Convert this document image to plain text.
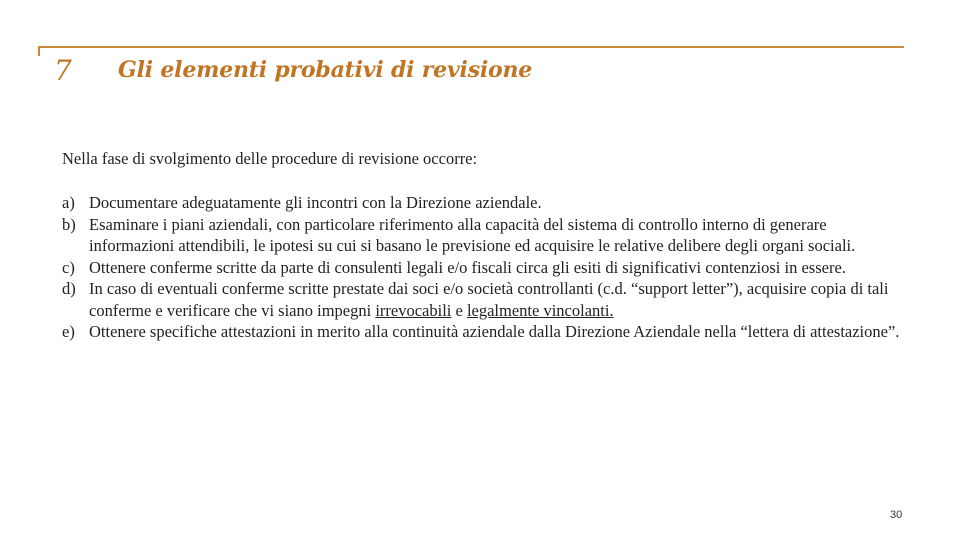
7 Gli elementi probativi di revisione
Nella fase di svolgimento delle procedure di revisione occorre:
a) Documentare adeguatamente gli incontri con la Direzione aziendale.
b) Esaminare i piani aziendali, con particolare riferimento alla capacità del sistema di controllo interno di generare informazioni attendibili, le ipotesi su cui si basano le previsione ed acquisire le relative delibere degli organi sociali.
c) Ottenere conferme scritte da parte di consulenti legali e/o fiscali circa gli esiti di significativi contenziosi in essere.
d) In caso di eventuali conferme scritte prestate dai soci e/o società controllanti (c.d. “support letter”), acquisire copia di tali conferme e verificare che vi siano impegni irrevocabili e legalmente vincolanti.
e) Ottenere specifiche attestazioni in merito alla continuità aziendale dalla Direzione Aziendale nella “lettera di attestazione”.
30
